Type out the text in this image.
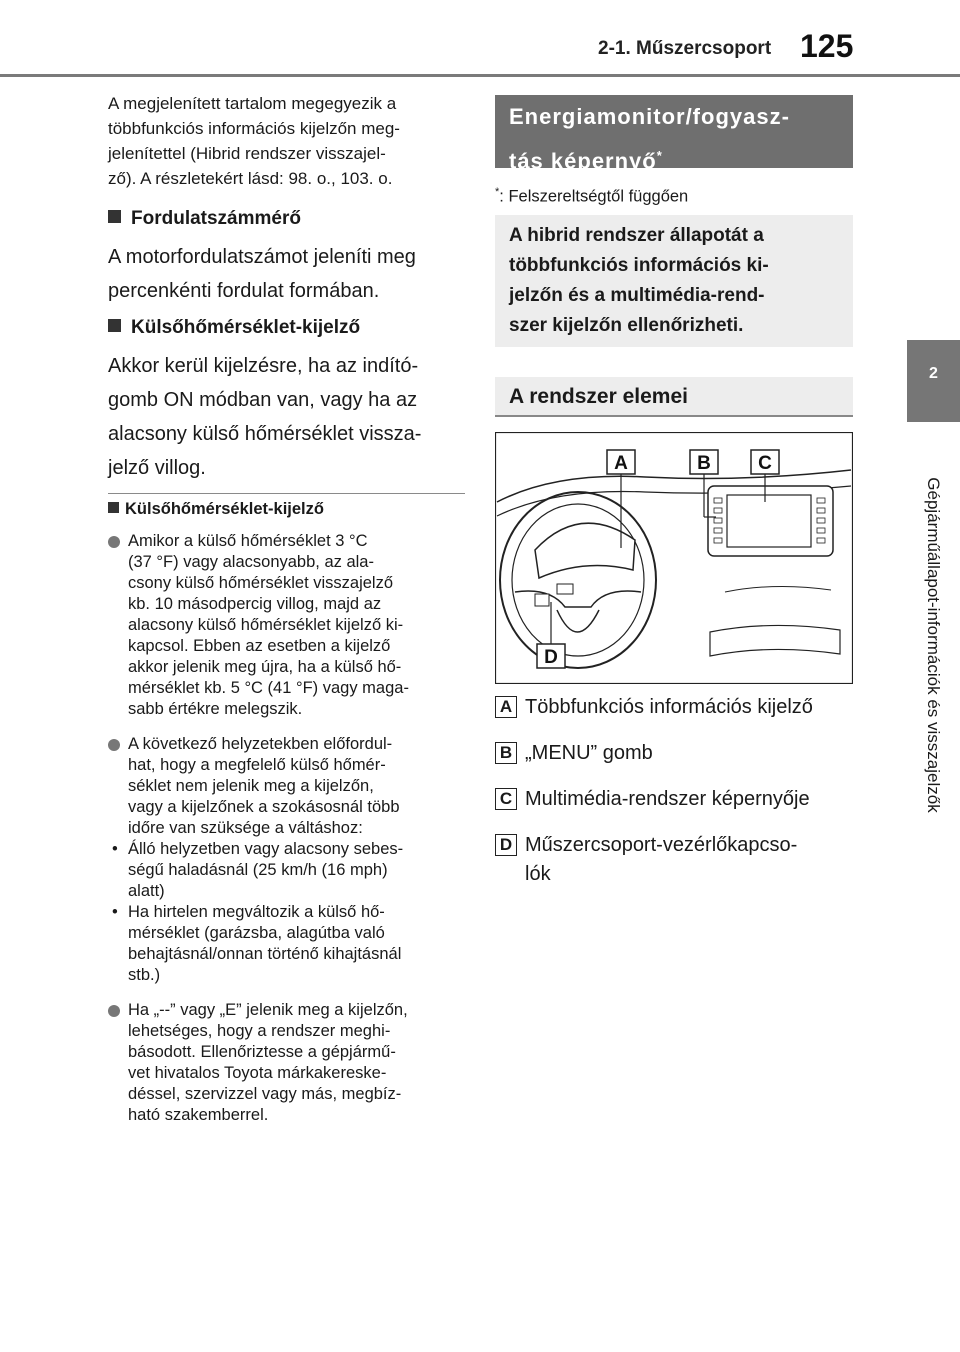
2-1. Műszercsoport 125
2
Gépjárműállapot-információk és visszajelzők
A megjelenített tartalom megegyezik a
többfunkciós információs kijelzőn meg-
jelenítettel (Hibrid rendszer visszajel-
ző). A részletekért lásd: 98. o., 103. o.
Fordulatszámmérő
A motorfordulatszámot jeleníti meg
percenkénti fordulat formában.
Külsőhőmérséklet-kijelző
Akkor kerül kijelzésre, ha az indító-
gomb ON módban van, vagy ha az
alacsony külső hőmérséklet vissza-
jelző villog.
Külsőhőmérséklet-kijelző
Amikor a külső hőmérséklet 3 °C
(37 °F) vagy alacsonyabb, az ala-
csony külső hőmérséklet visszajelző
kb. 10 másodpercig villog, majd az
alacsony külső hőmérséklet kijelző ki-
kapcsol. Ebben az esetben a kijelző
akkor jelenik meg újra, ha a külső hő-
mérséklet kb. 5 °C (41 °F) vagy maga-
sabb értékre melegszik.
A következő helyzetekben előfordul-
hat, hogy a megfelelő külső hőmér-
séklet nem jelenik meg a kijelzőn,
vagy a kijelzőnek a szokásosnál több
időre van szüksége a váltáshoz:
• Álló helyzetben vagy alacsony sebes-
ségű haladásnál (25 km/h (16 mph)
alatt)
• Ha hirtelen megváltozik a külső hő-
mérséklet (garázsba, alagútba való
behajtásnál/onnan történő kihajtásnál
stb.)
Ha „--” vagy „E” jelenik meg a kijelzőn,
lehetséges, hogy a rendszer meghi-
básodott. Ellenőriztesse a gépjármű-
vet hivatalos Toyota márkakereske-
déssel, szervizzel vagy más, megbíz-
ható szakemberrel.
Energiamonitor/fogyasz-
tás képernyő*
*: Felszereltségtől függően
A hibrid rendszer állapotát a
többfunkciós információs ki-
jelzőn és a multimédia-rend-
szer kijelzőn ellenőrizheti.
A rendszer elemei
A	B C
D
A Többfunkciós információs kijelző
B „MENU” gomb
C Multimédia-rendszer képernyője
D Műszercsoport-vezérlőkapcso-
lók
